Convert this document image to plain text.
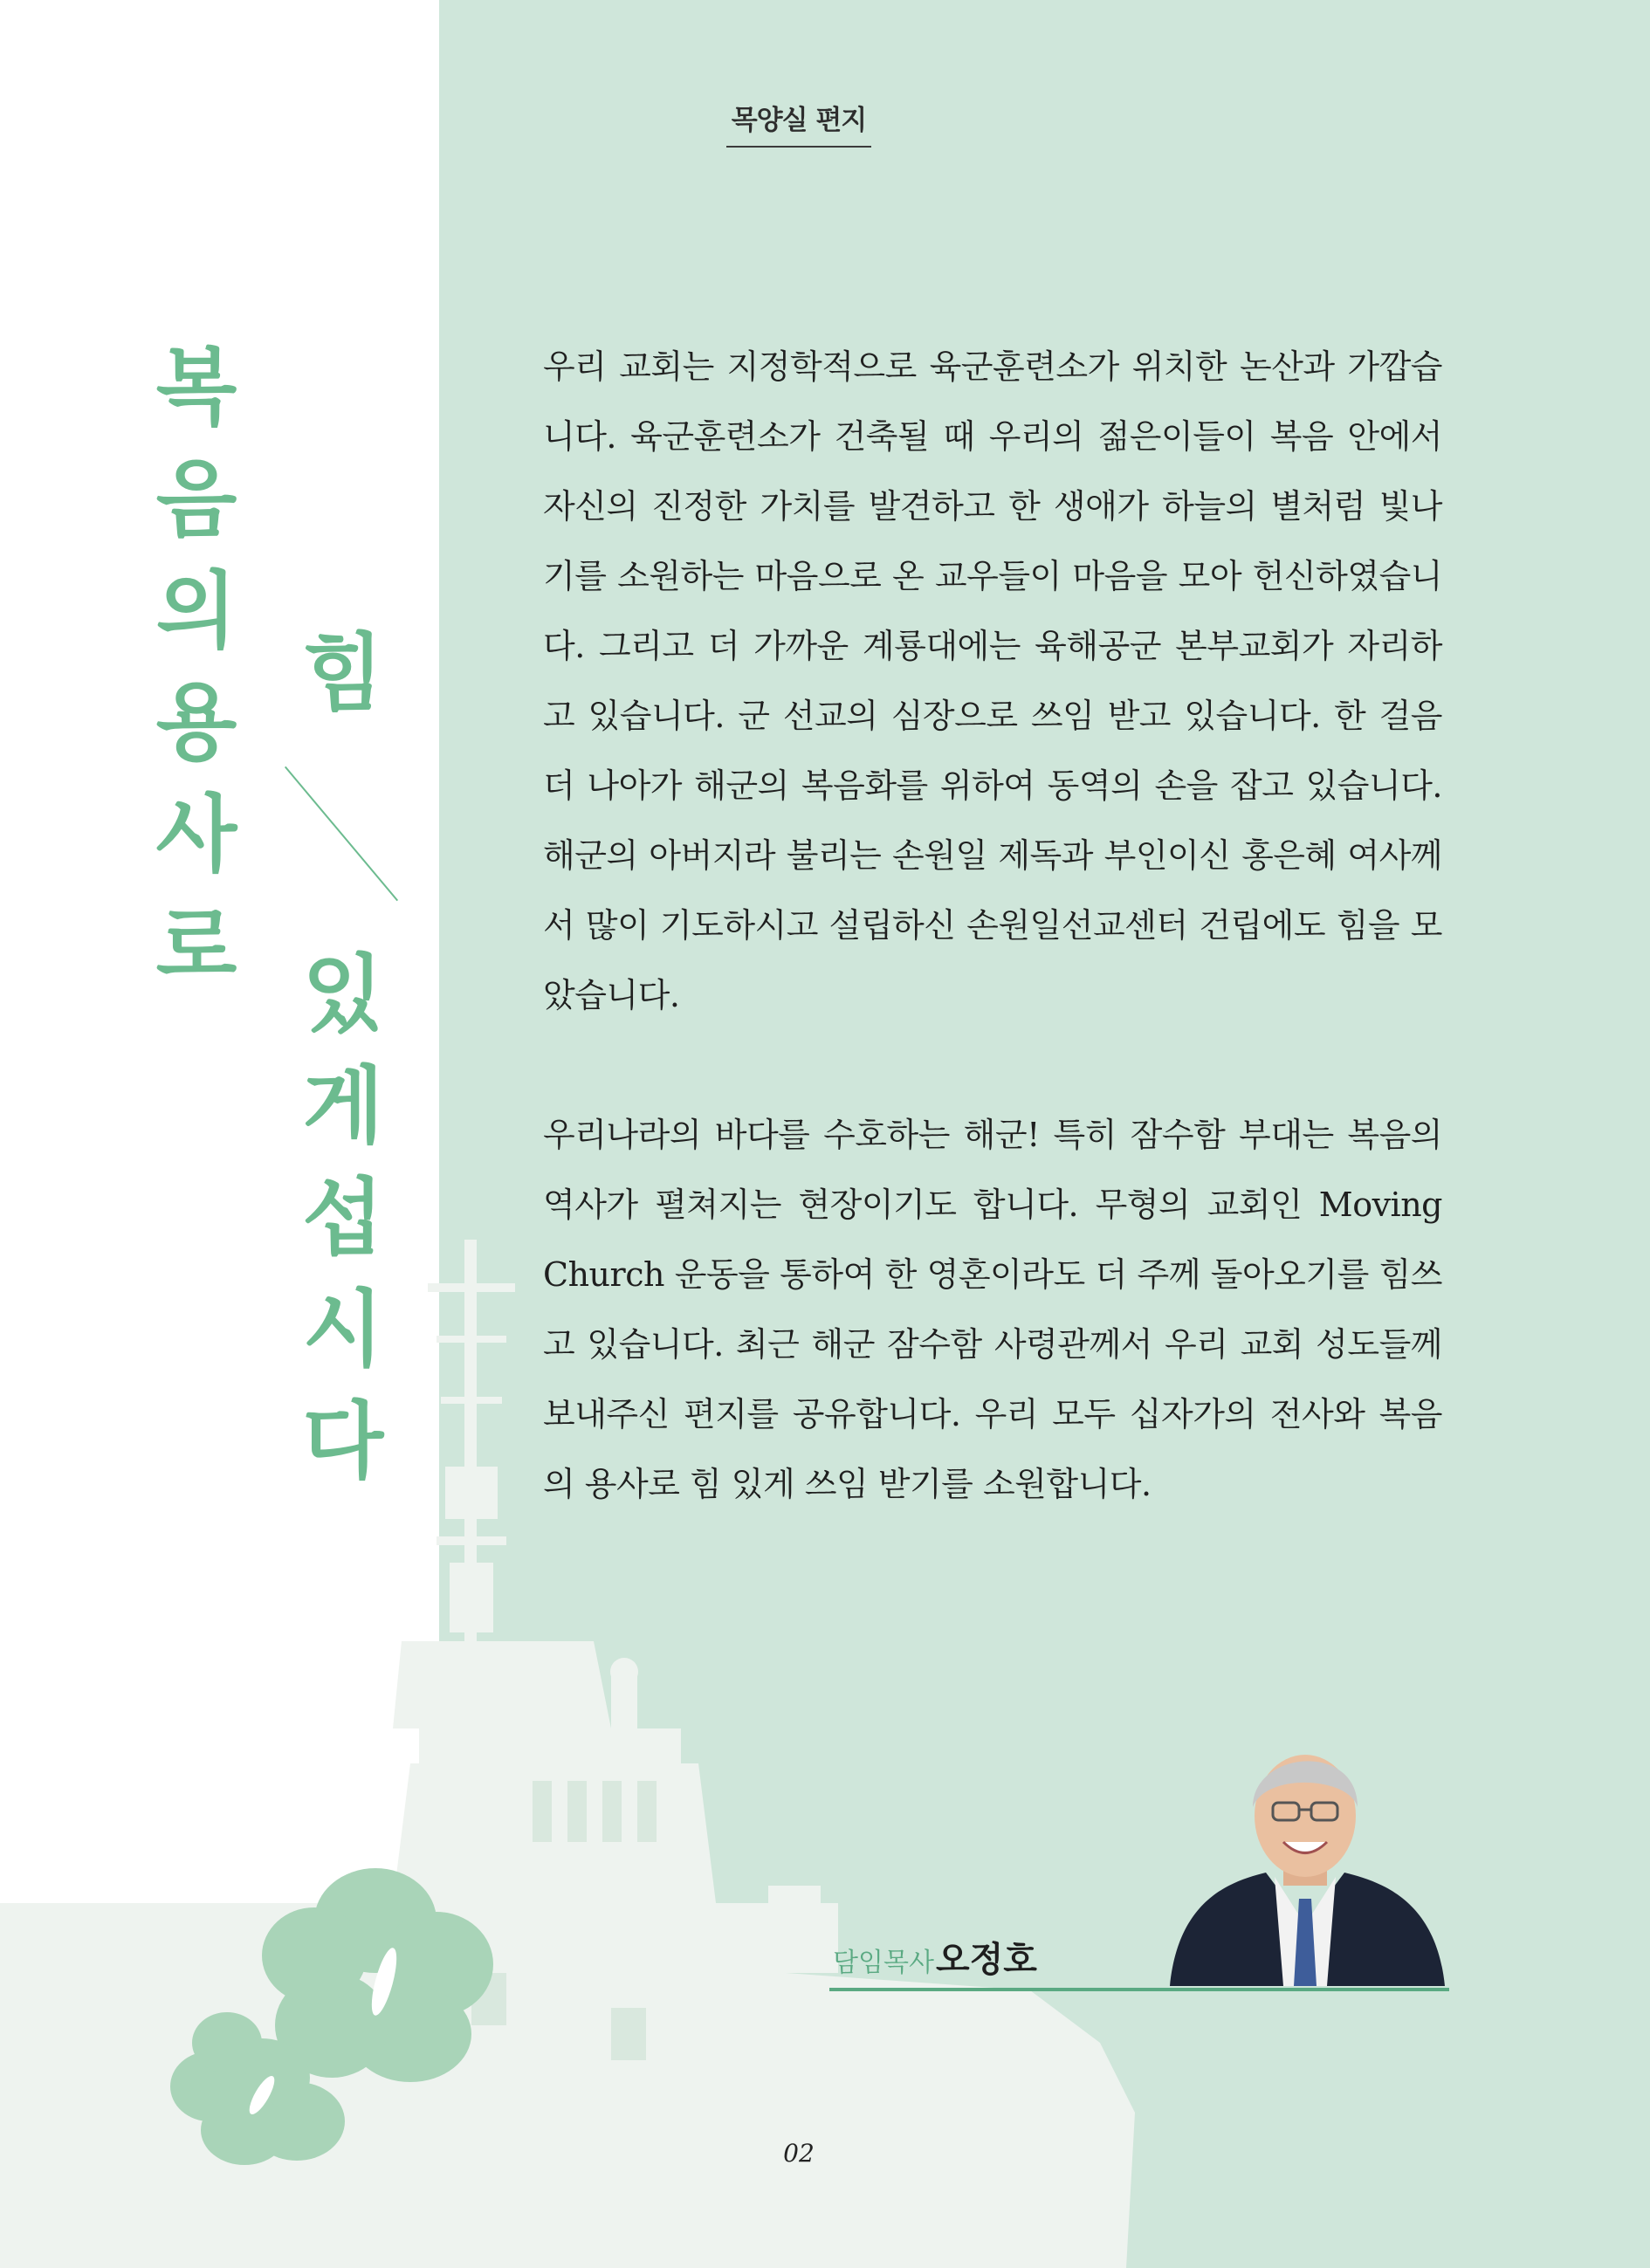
목양실 편지
복
음
의
용
사
로
힘
있
게
섭
시
다

우리 교회는 지정학적으로 육군훈련소가 위치한 논산과 가깝습니다. 육군훈련소가 건축될 때 우리의 젊은이들이 복음 안에서 자신의 진정한 가치를 발견하고 한 생애가 하늘의 별처럼 빛나기를 소원하는 마음으로 온 교우들이 마음을 모아 헌신하였습니다. 그리고 더 가까운 계룡대에는 육해공군 본부교회가 자리하고 있습니다. 군 선교의 심장으로 쓰임 받고 있습니다. 한 걸음 더 나아가 해군의 복음화를 위하여 동역의 손을 잡고 있습니다. 해군의 아버지라 불리는 손원일 제독과 부인이신 홍은혜 여사께서 많이 기도하시고 설립하신 손원일선교센터 건립에도 힘을 모았습니다.

우리나라의 바다를 수호하는 해군! 특히 잠수함 부대는 복음의 역사가 펼쳐지는 현장이기도 합니다. 무형의 교회인 Moving Church 운동을 통하여 한 영혼이라도 더 주께 돌아오기를 힘쓰고 있습니다. 최근 해군 잠수함 사령관께서 우리 교회 성도들께 보내주신 편지를 공유합니다. 우리 모두 십자가의 전사와 복음의 용사로 힘 있게 쓰임 받기를 소원합니다.

담임목사 오정호
02
